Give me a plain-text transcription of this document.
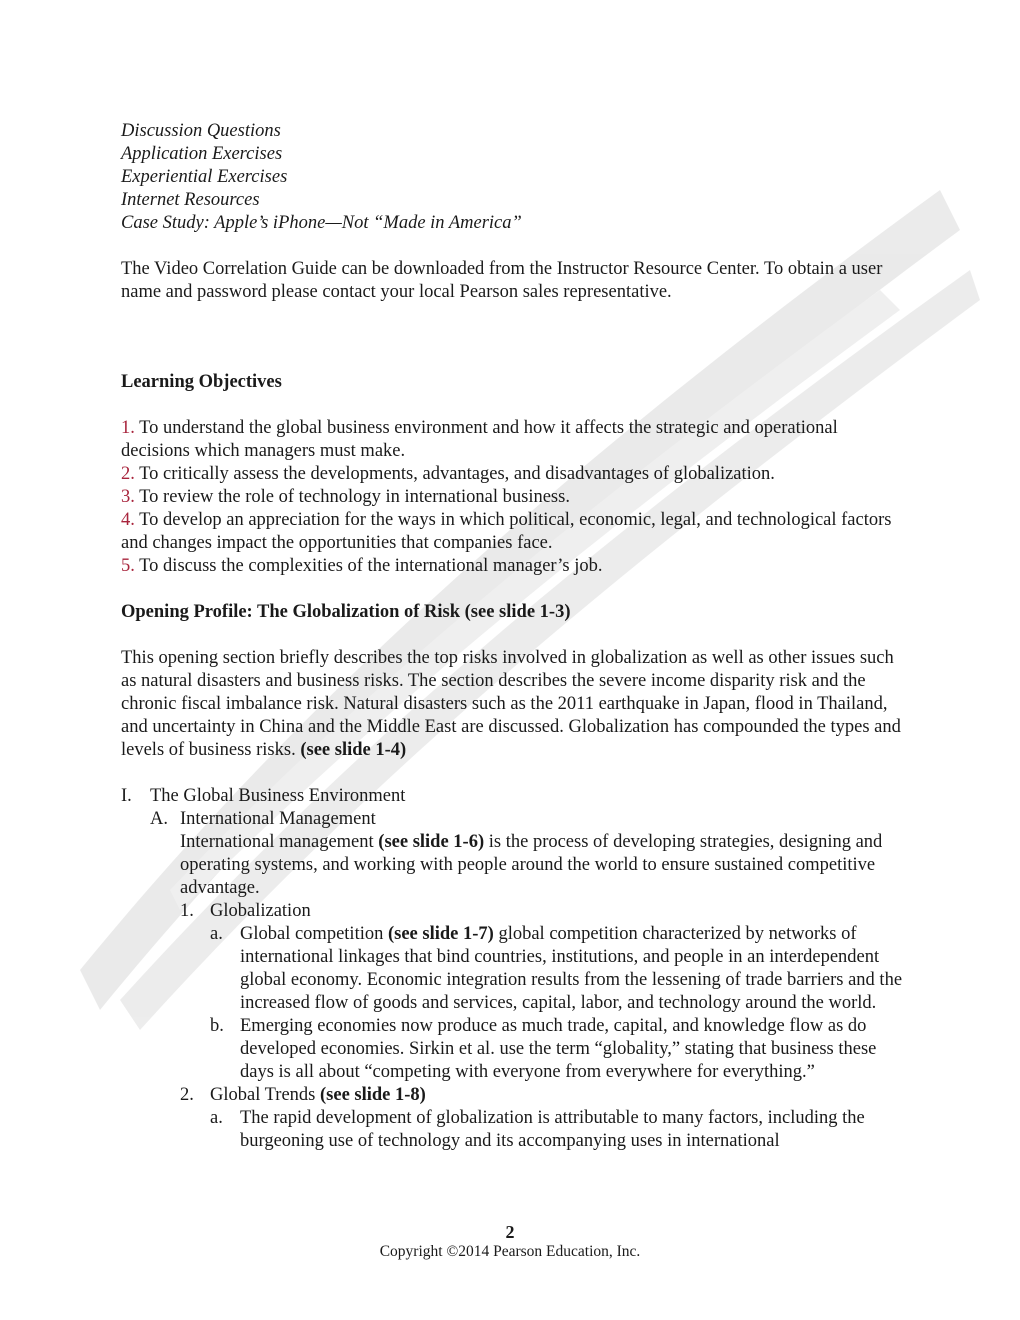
Discussion Questions
Application Exercises
Experiential Exercises
Internet Resources
Case Study: Apple’s iPhone—Not “Made in America”

The Video Correlation Guide can be downloaded from the Instructor Resource Center. To obtain a user name and password please contact your local Pearson sales representative.

Learning Objectives

1. To understand the global business environment and how it affects the strategic and operational decisions which managers must make.

2. To critically assess the developments, advantages, and disadvantages of globalization.

3. To review the role of technology in international business.

4. To develop an appreciation for the ways in which political, economic, legal, and technological factors and changes impact the opportunities that companies face.

5. To discuss the complexities of the international manager’s job.

Opening Profile: The Globalization of Risk (see slide 1-3)

This opening section briefly describes the top risks involved in globalization as well as other issues such as natural disasters and business risks. The section describes the severe income disparity risk and the chronic fiscal imbalance risk. Natural disasters such as the 2011 earthquake in Japan, flood in Thailand, and uncertainty in China and the Middle East are discussed. Globalization has compounded the types and levels of business risks. (see slide 1-4)

I. The Global Business Environment
A. International Management

International management (see slide 1-6) is the process of developing strategies, designing and operating systems, and working with people around the world to ensure sustained competitive advantage.

1. Globalization
a. Global competition (see slide 1-7) global competition characterized by networks of international linkages that bind countries, institutions, and people in an interdependent global economy. Economic integration results from the lessening of trade barriers and the increased flow of goods and services, capital, labor, and technology around the world.
b. Emerging economies now produce as much trade, capital, and knowledge flow as do developed economies. Sirkin et al. use the term “globality,” stating that business these days is all about “competing with everyone from everywhere for everything.”
2. Global Trends (see slide 1-8)
a. The rapid development of globalization is attributable to many factors, including the burgeoning use of technology and its accompanying uses in international
2
Copyright ©2014 Pearson Education, Inc.
